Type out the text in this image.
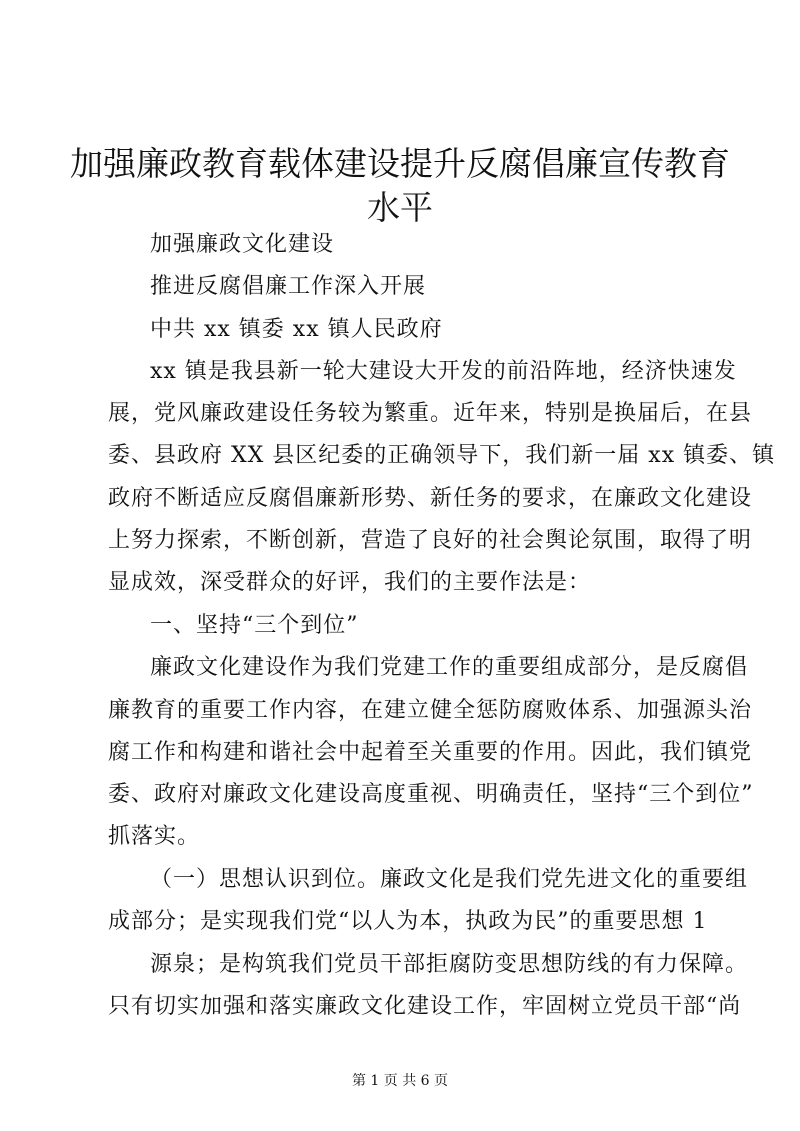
加强廉政教育载体建设提升反腐倡廉宣传教育
水平
加强廉政文化建设
推进反腐倡廉工作深入开展
中共 xx 镇委 xx 镇人民政府
xx 镇是我县新一轮大建设大开发的前沿阵地，经济快速发
展，党风廉政建设任务较为繁重。近年来，特别是换届后，在县
委、县政府 XX 县区纪委的正确领导下，我们新一届 xx 镇委、镇
政府不断适应反腐倡廉新形势、新任务的要求，在廉政文化建设
上努力探索，不断创新，营造了良好的社会舆论氛围，取得了明
显成效，深受群众的好评，我们的主要作法是：
一、坚持“三个到位”
廉政文化建设作为我们党建工作的重要组成部分，是反腐倡
廉教育的重要工作内容，在建立健全惩防腐败体系、加强源头治
腐工作和构建和谐社会中起着至关重要的作用。因此，我们镇党
委、政府对廉政文化建设高度重视、明确责任，坚持“三个到位”
抓落实。
（一）思想认识到位。廉政文化是我们党先进文化的重要组
成部分；是实现我们党“以人为本，执政为民”的重要思想 1
源泉；是构筑我们党员干部拒腐防变思想防线的有力保障。
只有切实加强和落实廉政文化建设工作，牢固树立党员干部“尚
第 1 页 共 6 页
